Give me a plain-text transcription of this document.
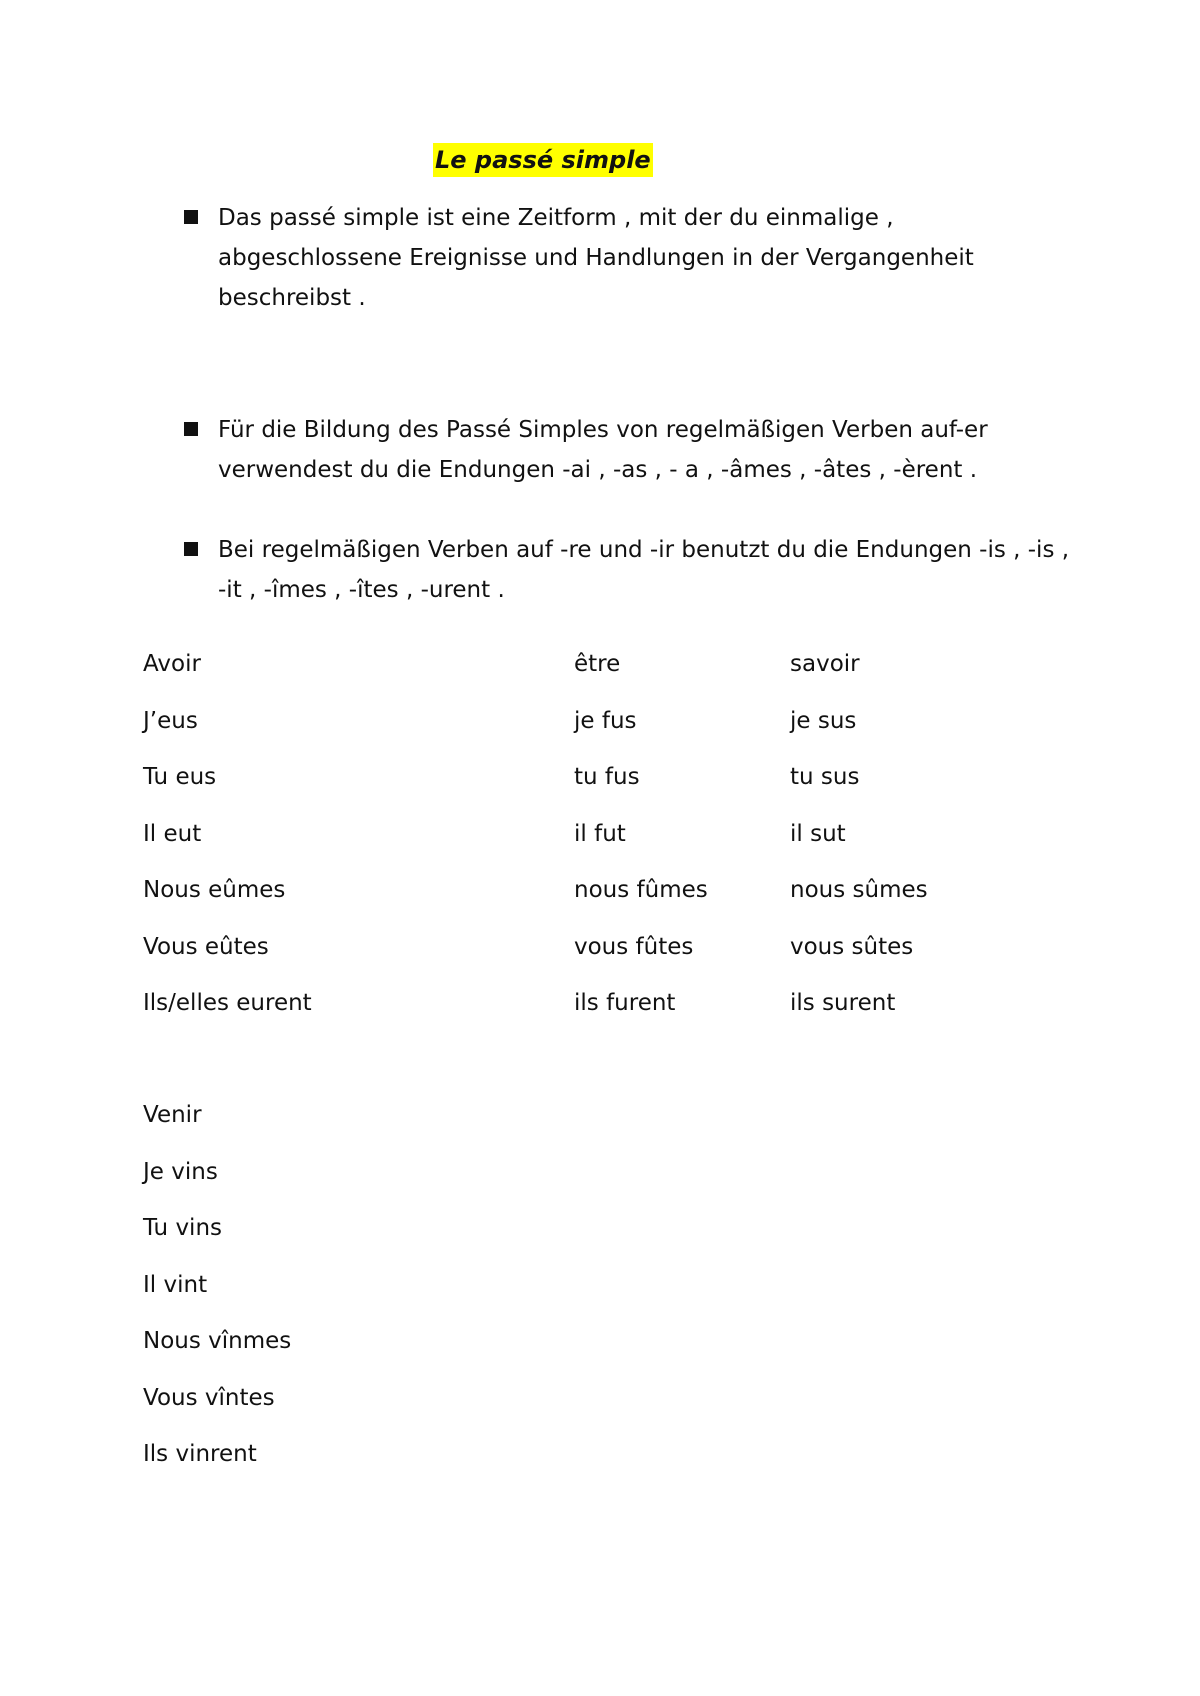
Le passé simple
Das passé simple ist eine Zeitform , mit der du einmalige , abgeschlossene Ereignisse und Handlungen in der Vergangenheit beschreibst .
Für die Bildung des Passé Simples von regelmäßigen Verben auf-er verwendest du die Endungen -ai , -as , - a , -âmes , -âtes , -èrent .
Bei regelmäßigen Verben auf -re und -ir benutzt du die Endungen -is , -is , -it , -îmes , -îtes , -urent .
Avoir
J’eus
Tu eus
Il eut
Nous eûmes
Vous eûtes
Ils/elles eurent
être
je fus
tu fus
il fut
nous fûmes
vous fûtes
ils furent
savoir
je sus
tu sus
il sut
nous sûmes
vous sûtes
ils surent
Venir
Je vins
Tu vins
Il vint
Nous vînmes
Vous vîntes
Ils vinrent
